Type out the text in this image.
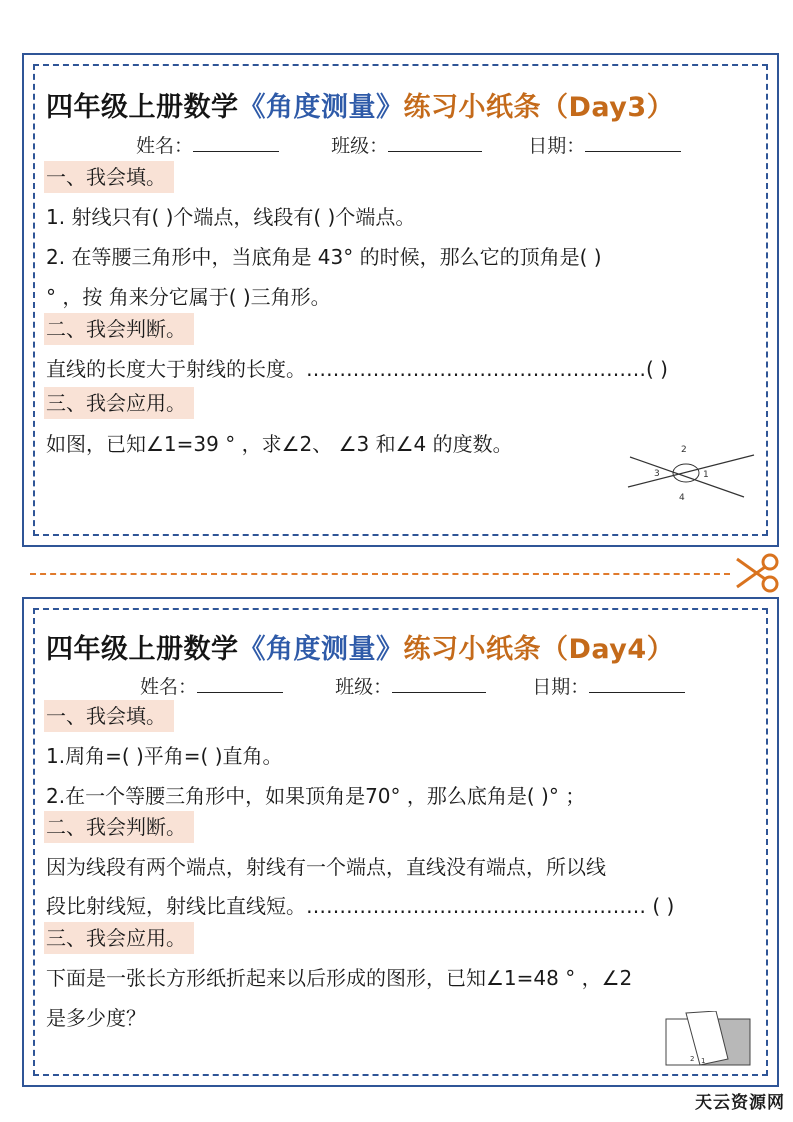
四年级上册数学《角度测量》练习小纸条（Day3）
姓名：	班级：	日期：
一、我会填。
1. 射线只有( )个端点，线段有( )个端点。
2. 在等腰三角形中，当底角是 43° 的时候，那么它的顶角是( )
° ，按 角来分它属于( )三角形。
二、我会判断。
直线的长度大于射线的长度。……………………………………………( )
三、我会应用。
如图，已知∠1=39 ° ，求∠2、 ∠3 和∠4 的度数。	2
3	1
4
四年级上册数学《角度测量》练习小纸条（Day4）
姓名：	班级：	日期：
一、我会填。
1.周角=( )平角=( )直角。
2.在一个等腰三角形中，如果顶角是70° ，那么底角是( )° ；
二、我会判断。
因为线段有两个端点，射线有一个端点，直线没有端点，所以线
段比射线短，射线比直线短。…………………………………………… ( )
三、我会应用。
下面是一张长方形纸折起来以后形成的图形，已知∠1=48 ° ，∠2
是多少度？
2 1
天云资源网
